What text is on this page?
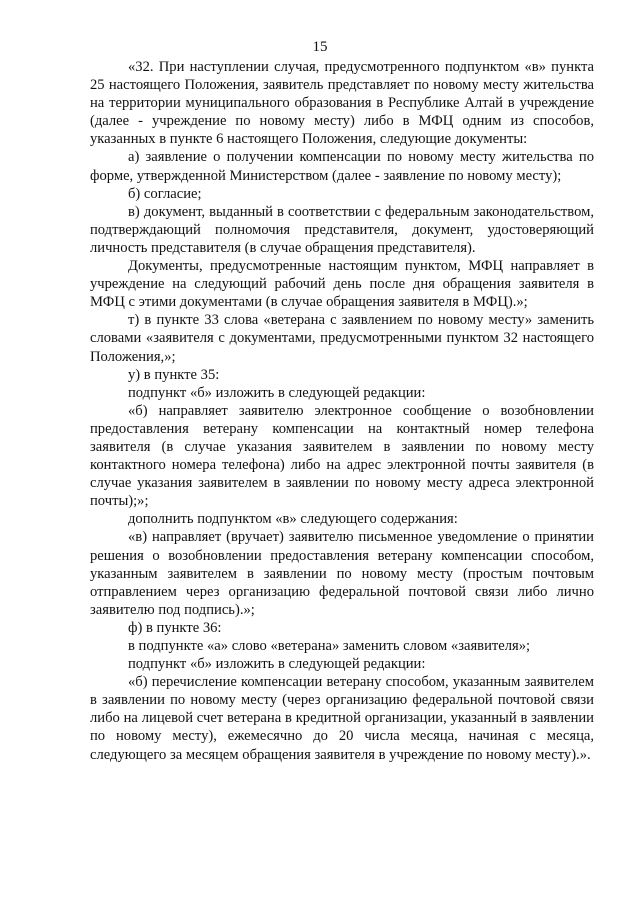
15

«32. При наступлении случая, предусмотренного подпунктом «в» пункта 25 настоящего Положения, заявитель представляет по новому месту жительства на территории муниципального образования в Республике Алтай в учреждение (далее - учреждение по новому месту) либо в МФЦ одним из способов, указанных в пункте 6 настоящего Положения, следующие документы:

а) заявление о получении компенсации по новому месту жительства по форме, утвержденной Министерством (далее - заявление по новому месту);

б) согласие;

в) документ, выданный в соответствии с федеральным законодательством, подтверждающий полномочия представителя, документ, удостоверяющий личность представителя (в случае обращения представителя).

Документы, предусмотренные настоящим пунктом, МФЦ направляет в учреждение на следующий рабочий день после дня обращения заявителя в МФЦ с этими документами (в случае обращения заявителя в МФЦ).»;

т) в пункте 33 слова «ветерана с заявлением по новому месту» заменить словами «заявителя с документами, предусмотренными пунктом 32 настоящего Положения,»;

у) в пункте 35:

подпункт «б» изложить в следующей редакции:

«б) направляет заявителю электронное сообщение о возобновлении предоставления ветерану компенсации на контактный номер телефона заявителя (в случае указания заявителем в заявлении по новому месту контактного номера телефона) либо на адрес электронной почты заявителя (в случае указания заявителем в заявлении по новому месту адреса электронной почты);»;

дополнить подпунктом «в» следующего содержания:

«в) направляет (вручает) заявителю письменное уведомление о принятии решения о возобновлении предоставления ветерану компенсации способом, указанным заявителем в заявлении по новому месту (простым почтовым отправлением через организацию федеральной почтовой связи либо лично заявителю под подпись).»;

ф) в пункте 36:

в подпункте «а» слово «ветерана» заменить словом «заявителя»;

подпункт «б» изложить в следующей редакции:

«б) перечисление компенсации ветерану способом, указанным заявителем в заявлении по новому месту (через организацию федеральной почтовой связи либо на лицевой счет ветерана в кредитной организации, указанный в заявлении по новому месту), ежемесячно до 20 числа месяца, начиная с месяца, следующего за месяцем обращения заявителя в учреждение по новому месту).».
